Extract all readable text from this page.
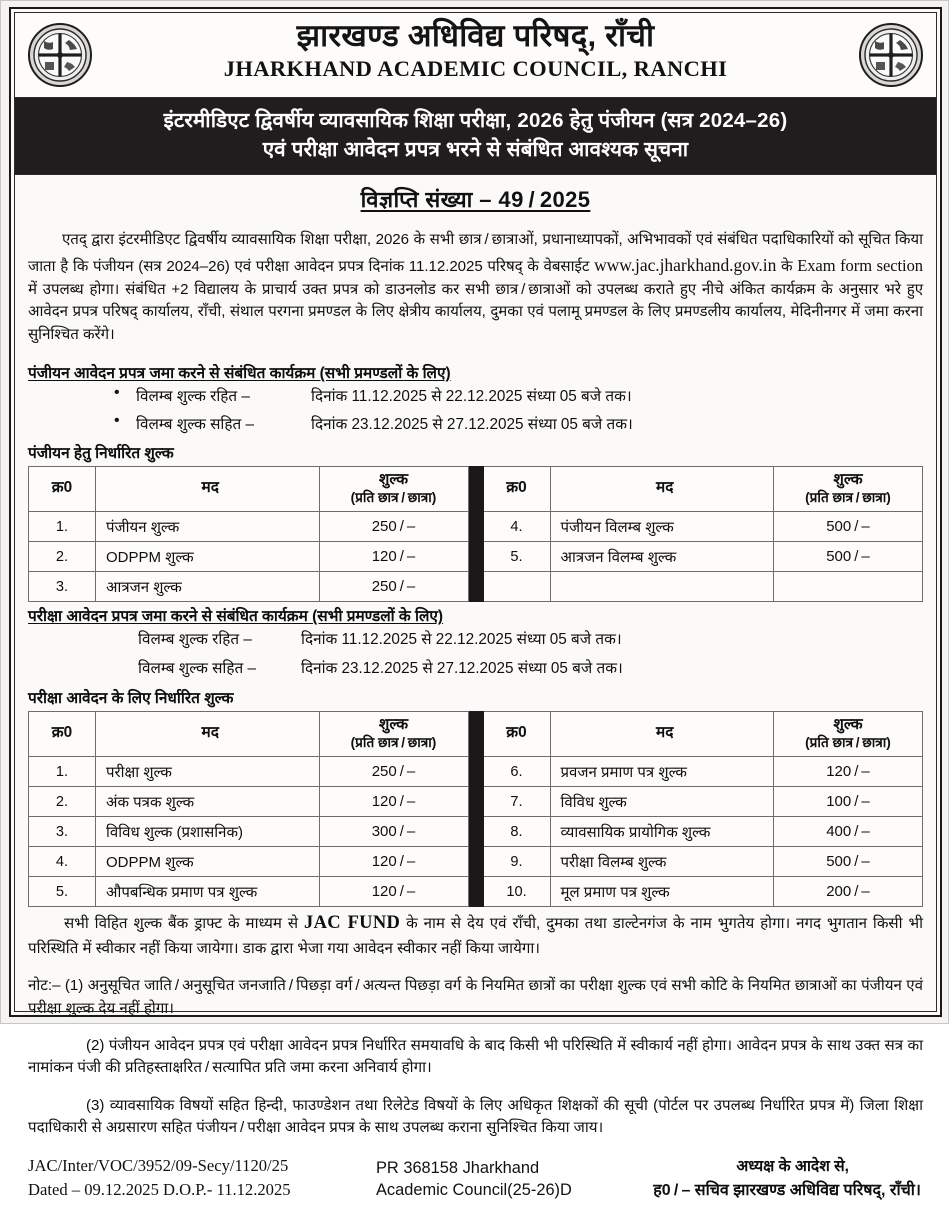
झारखण्ड अधिविद्य परिषद्, राँची
JHARKHAND ACADEMIC COUNCIL, RANCHI
इंटरमीडिएट द्विवर्षीय व्यावसायिक शिक्षा परीक्षा, 2026 हेतु पंजीयन (सत्र 2024–26)
एवं परीक्षा आवेदन प्रपत्र भरने से संबंधित आवश्यक सूचना
विज्ञप्ति संख्या – 49 / 2025

एतद् द्वारा इंटरमीडिएट द्विवर्षीय व्यावसायिक शिक्षा परीक्षा, 2026 के सभी छात्र / छात्राओं, प्रधानाध्यापकों, अभिभावकों एवं संबंधित पदाधिकारियों को सूचित किया जाता है कि पंजीयन (सत्र 2024–26) एवं परीक्षा आवेदन प्रपत्र दिनांक 11.12.2025 परिषद् के वेबसाईट www.jac.jharkhand.gov.in के Exam form section में उपलब्ध होगा। संबंधित +2 विद्यालय के प्राचार्य उक्त प्रपत्र को डाउनलोड कर सभी छात्र / छात्राओं को उपलब्ध कराते हुए नीचे अंकित कार्यक्रम के अनुसार भरे हुए आवेदन प्रपत्र परिषद् कार्यालय, राँची, संथाल परगना प्रमण्डल के लिए क्षेत्रीय कार्यालय, दुमका एवं पलामू प्रमण्डल के लिए प्रमण्डलीय कार्यालय, मेदिनीनगर में जमा करना सुनिश्चित करेंगे।

पंजीयन आवेदन प्रपत्र जमा करने से संबंधित कार्यक्रम (सभी प्रमण्डलों के लिए)
• विलम्ब शुल्क रहित –	दिनांक 11.12.2025 से 22.12.2025 संध्या 05 बजे तक।
• विलम्ब शुल्क सहित –	दिनांक 23.12.2025 से 27.12.2025 संध्या 05 बजे तक।
पंजीयन हेतु निर्धारित शुल्क
क्र0	मद	शुल्क
(प्रति छात्र / छात्रा)		क्र0	मद	शुल्क
(प्रति छात्र / छात्रा)

1.	पंजीयन शुल्क	250 / –		4.	पंजीयन विलम्ब शुल्क	500 / –
2.	ODPPM शुल्क	120 / –		5.	आत्रजन विलम्ब शुल्क	500 / –
3.	आत्रजन शुल्क	250 / –				
परीक्षा आवेदन प्रपत्र जमा करने से संबंधित कार्यक्रम (सभी प्रमण्डलों के लिए)
विलम्ब शुल्क रहित –	दिनांक 11.12.2025 से 22.12.2025 संध्या 05 बजे तक।
विलम्ब शुल्क सहित –	दिनांक 23.12.2025 से 27.12.2025 संध्या 05 बजे तक।
परीक्षा आवेदन के लिए निर्धारित शुल्क
क्र0	मद	शुल्क
(प्रति छात्र / छात्रा)		क्र0	मद	शुल्क
(प्रति छात्र / छात्रा)

1.	परीक्षा शुल्क	250 / –		6.	प्रवजन प्रमाण पत्र शुल्क	120 / –
2.	अंक पत्रक शुल्क	120 / –		7.	विविध शुल्क	100 / –
3.	विविध शुल्क (प्रशासनिक)	300 / –		8.	व्यावसायिक प्रायोगिक शुल्क	400 / –
4.	ODPPM शुल्क	120 / –		9.	परीक्षा विलम्ब शुल्क	500 / –
5.	औपबन्धिक प्रमाण पत्र शुल्क	120 / –		10.	मूल प्रमाण पत्र शुल्क	200 / –

सभी विहित शुल्क बैंक ड्राफ्ट के माध्यम से JAC FUND के नाम से देय एवं राँची, दुमका तथा डाल्टेनगंज के नाम भुगतेय होगा। नगद भुगतान किसी भी परिस्थिति में स्वीकार नहीं किया जायेगा। डाक द्वारा भेजा गया आवेदन स्वीकार नहीं किया जायेगा।

नोट:– (1) अनुसूचित जाति / अनुसूचित जनजाति / पिछड़ा वर्ग / अत्यन्त पिछड़ा वर्ग के नियमित छात्रों का परीक्षा शुल्क एवं सभी कोटि के नियमित छात्राओं का पंजीयन एवं परीक्षा शुल्क देय नहीं होगा।

(2) पंजीयन आवेदन प्रपत्र एवं परीक्षा आवेदन प्रपत्र निर्धारित समयावधि के बाद किसी भी परिस्थिति में स्वीकार्य नहीं होगा। आवेदन प्रपत्र के साथ उक्त सत्र का नामांकन पंजी की प्रतिहस्ताक्षरित / सत्यापित प्रति जमा करना अनिवार्य होगा।

(3) व्यावसायिक विषयों सहित हिन्दी, फाउण्डेशन तथा रिलेटेड विषयों के लिए अधिकृत शिक्षकों की सूची (पोर्टल पर उपलब्ध निर्धारित प्रपत्र में) जिला शिक्षा पदाधिकारी से अग्रसारण सहित पंजीयन / परीक्षा आवेदन प्रपत्र के साथ उपलब्ध कराना सुनिश्चित किया जाय।

JAC/Inter/VOC/3952/09-Secy/1120/25
Dated – 09.12.2025 D.O.P.- 11.12.2025
PR 368158 Jharkhand
Academic Council(25-26)D
अध्यक्ष के आदेश से,
ह0 / – सचिव झारखण्ड अधिविद्य परिषद्, राँची।
